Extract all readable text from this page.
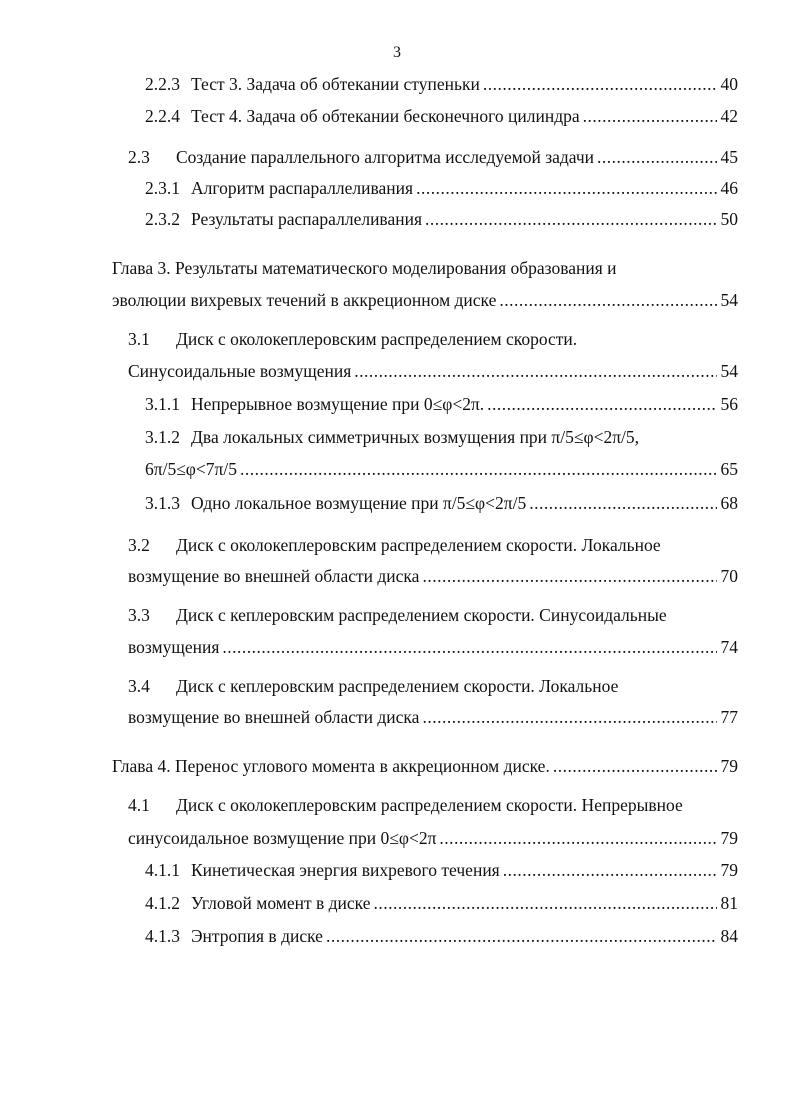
3
2.2.3 Тест 3. Задача об обтекании ступеньки .....	40
2.2.4 Тест 4. Задача об обтекании бесконечного цилиндра .....	42
2.3	Создание параллельного алгоритма исследуемой задачи .....	45
2.3.1 Алгоритм распараллеливания .....	46
2.3.2 Результаты распараллеливания .....	50
Глава 3. Результаты математического моделирования образования и
эволюции вихревых течений в аккреционном диске .....	54
3.1	Диск с околокеплеровским распределением скорости.
Синусоидальные возмущения .....	54
3.1.1 Непрерывное возмущение при 0≤φ<2π. .....	56
3.1.2 Два локальных симметричных возмущения при π/5≤φ<2π/5,
6π/5≤φ<7π/5 .....	65
3.1.3 Одно локальное возмущение при π/5≤φ<2π/5 .....	68
3.2	Диск с околокеплеровским распределением скорости. Локальное
возмущение во внешней области диска .....	70
3.3	Диск с кеплеровским распределением скорости. Синусоидальные
возмущения .....	74
3.4	Диск с кеплеровским распределением скорости. Локальное
возмущение во внешней области диска .....	77
Глава 4. Перенос углового момента в аккреционном диске. .....	79
4.1	Диск с околокеплеровским распределением скорости. Непрерывное
синусоидальное возмущение при 0≤φ<2π .....	79
4.1.1 Кинетическая энергия вихревого течения .....	79
4.1.2 Угловой момент в диске .....	81
4.1.3 Энтропия в диске .....	84
